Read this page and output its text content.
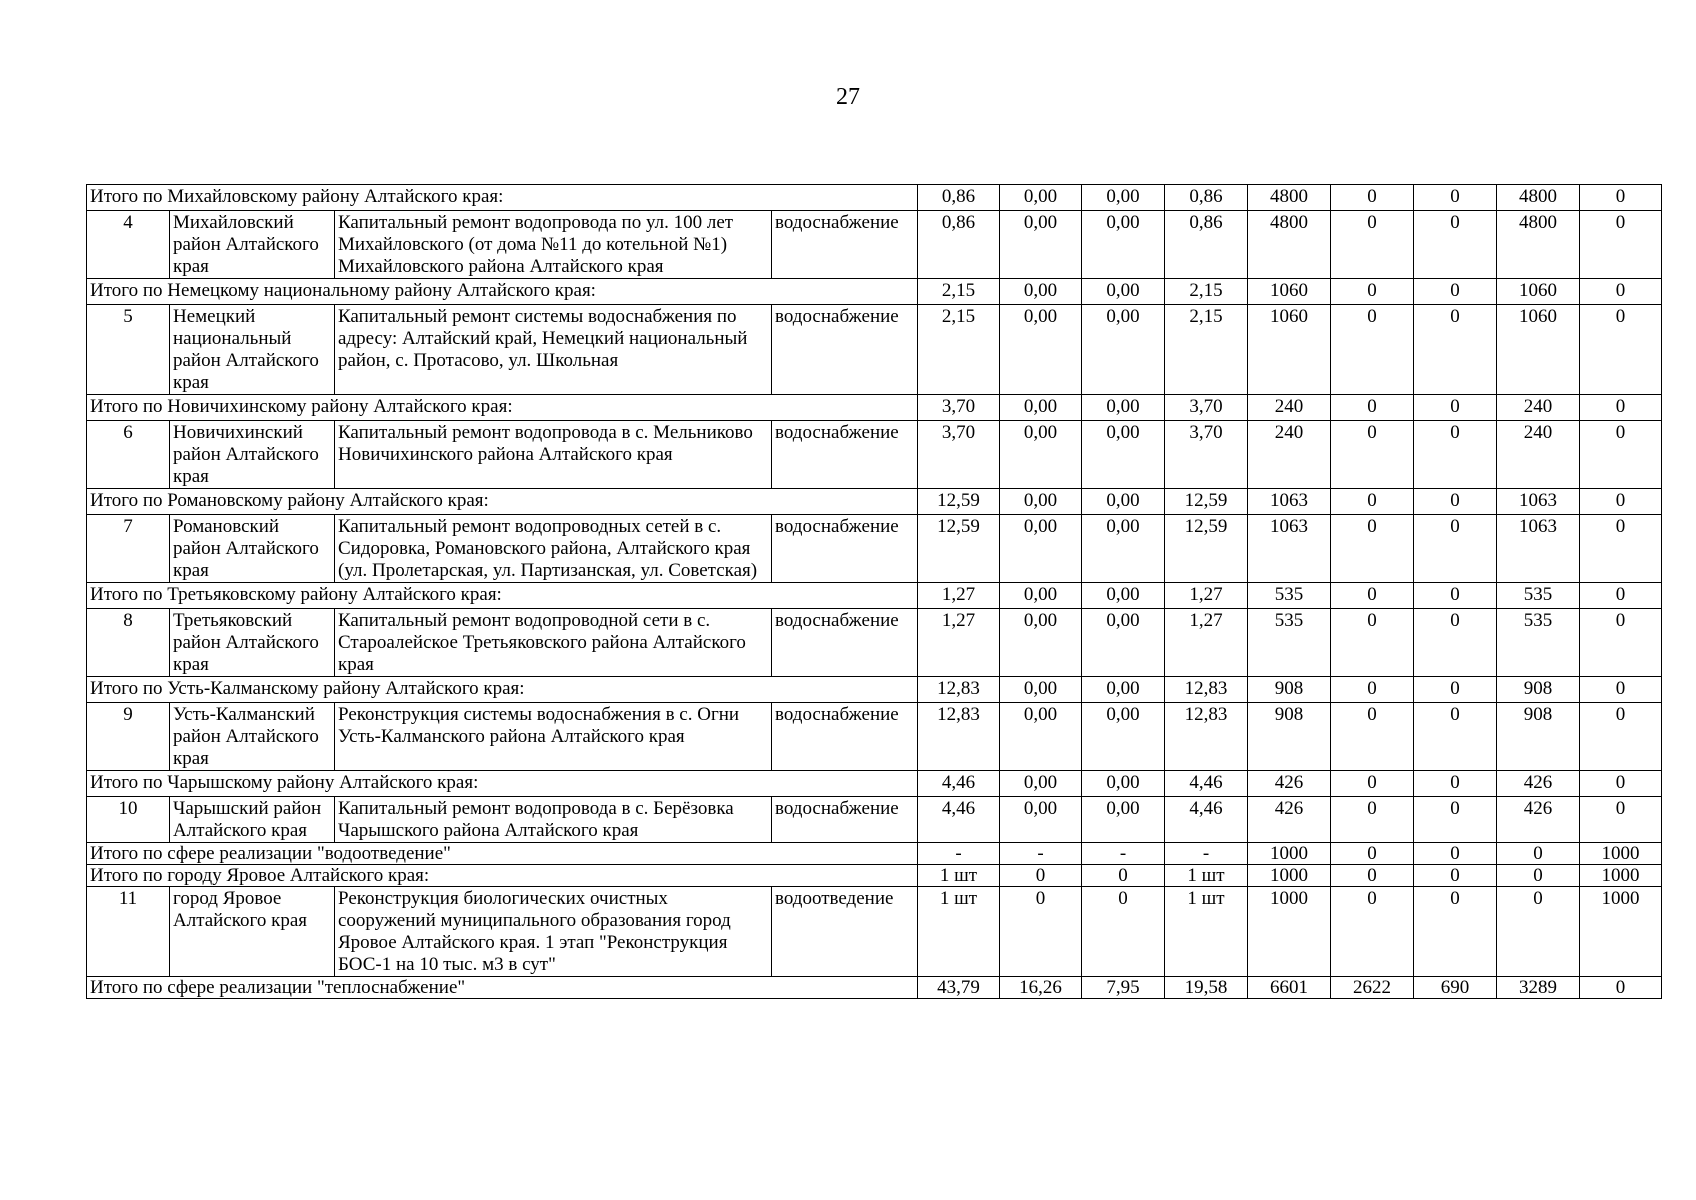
27
Итого по Михайловскому району Алтайского края:				0,86	0,00	0,00	0,86	4800	0	0	4800	0
4	Михайловский район Алтайского края	Капитальный ремонт водопровода по ул. 100 лет Михайловского (от дома №11 до котельной №1) Михайловского района Алтайского края	водоснабжение	0,86	0,00	0,00	0,86	4800	0	0	4800	0
Итого по Немецкому национальному району Алтайского края:				2,15	0,00	0,00	2,15	1060	0	0	1060	0
5	Немецкий национальный район Алтайского края	Капитальный ремонт системы водоснабжения по адресу: Алтайский край, Немецкий национальный район, с. Протасово, ул. Школьная	водоснабжение	2,15	0,00	0,00	2,15	1060	0	0	1060	0
Итого по Новичихинскому району Алтайского края:				3,70	0,00	0,00	3,70	240	0	0	240	0
6	Новичихинский район Алтайского края	Капитальный ремонт водопровода в с. Мельниково Новичихинского района Алтайского края	водоснабжение	3,70	0,00	0,00	3,70	240	0	0	240	0
Итого по Романовскому району Алтайского края:				12,59	0,00	0,00	12,59	1063	0	0	1063	0
7	Романовский район Алтайского края	Капитальный ремонт водопроводных сетей в с. Сидоровка, Романовского района, Алтайского края (ул. Пролетарская, ул. Партизанская, ул. Советская)	водоснабжение	12,59	0,00	0,00	12,59	1063	0	0	1063	0
Итого по Третьяковскому району Алтайского края:				1,27	0,00	0,00	1,27	535	0	0	535	0
8	Третьяковский район Алтайского края	Капитальный ремонт водопроводной сети в с. Староалейское Третьяковского района Алтайского края	водоснабжение	1,27	0,00	0,00	1,27	535	0	0	535	0
Итого по Усть-Калманскому району Алтайского края:				12,83	0,00	0,00	12,83	908	0	0	908	0
9	Усть-Калманский район Алтайского края	Реконструкция системы водоснабжения в с. Огни Усть-Калманского района Алтайского края	водоснабжение	12,83	0,00	0,00	12,83	908	0	0	908	0
Итого по Чарышскому району Алтайского края:				4,46	0,00	0,00	4,46	426	0	0	426	0
10	Чарышский район Алтайского края	Капитальный ремонт водопровода в с. Берёзовка Чарышского района Алтайского края	водоснабжение	4,46	0,00	0,00	4,46	426	0	0	426	0
Итого по сфере реализации "водоотведение"				-	-	-	-	1000	0	0	0	1000
Итого по городу Яровое Алтайского края:				1 шт	0	0	1 шт	1000	0	0	0	1000
11	город Яровое Алтайского края	Реконструкция биологических очистных сооружений муниципального образования город Яровое Алтайского края. 1 этап "Реконструкция БОС-1 на 10 тыс. м3 в сут"	водоотведение	1 шт	0	0	1 шт	1000	0	0	0	1000
Итого по сфере реализации "теплоснабжение"				43,79	16,26	7,95	19,58	6601	2622	690	3289	0
